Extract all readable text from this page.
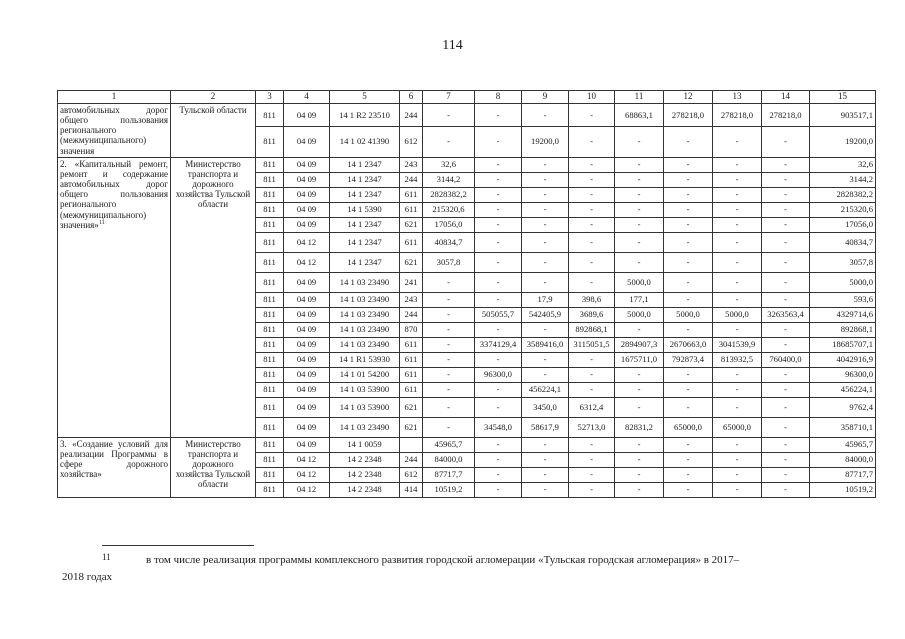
114
1	2	3	4	5	6	7	8	9	10	11	12	13	14	15
автомобильных дорог общего пользования регионального (межмуниципального) значения	Тульской области	811	04 09	14 1 R2 23510	244	-	-	-	-	68863,1	278218,0	278218,0	278218,0	903517,1
		811	04 09	14 1 02 41390	612	-	-	19200,0	-	-	-	-	-	19200,0
2. «Капитальный ремонт, ремонт и содержание автомобильных дорог общего пользования регионального (межмуниципального) значения»$^{11}$	Министерство транспорта и дорожного хозяйства Тульской области	811	04 09	14 1 2347	243	32,6	-	-	-	-	-	-	-	32,6
		811	04 09	14 1 2347	244	3144,2	-	-	-	-	-	-	-	3144,2
		811	04 09	14 1 2347	611	2828382,2	-	-	-	-	-	-	-	2828382,2
		811	04 09	14 1 5390	611	215320,6	-	-	-	-	-	-	-	215320,6
		811	04 09	14 1 2347	621	17056,0	-	-	-	-	-	-	-	17056,0
		811	04 12	14 1 2347	611	40834,7	-	-	-	-	-	-	-	40834,7
		811	04 12	14 1 2347	621	3057,8	-	-	-	-	-	-	-	3057,8
		811	04 09	14 1 03 23490	241	-	-	-	-	5000,0	-	-	-	5000,0
		811	04 09	14 1 03 23490	243	-	-	17,9	398,6	177,1	-	-	-	593,6
		811	04 09	14 1 03 23490	244	-	505055,7	542405,9	3689,6	5000,0	5000,0	5000,0	3263563,4	4329714,6
		811	04 09	14 1 03 23490	870	-	-	-	892868,1	-	-	-	-	892868,1
		811	04 09	14 1 03 23490	611	-	3374129,4	3589416,0	3115051,5	2894907,3	2670663,0	3041539,9	-	18685707,1
		811	04 09	14 1 R1 53930	611	-	-	-	-	1675711,0	792873,4	813932,5	760400,0	4042916,9
		811	04 09	14 1 01 54200	611	-	96300,0	-	-	-	-	-	-	96300,0
		811	04 09	14 1 03 53900	611	-	-	456224,1	-	-	-	-	-	456224,1
		811	04 09	14 1 03 53900	621	-	-	3450,0	6312,4	-	-	-	-	9762,4
		811	04 09	14 1 03 23490	621	-	34548,0	58617,9	52713,0	82831,2	65000,0	65000,0	-	358710,1
3. «Создание условий для реализации Программы в сфере дорожного хозяйства»	Министерство транспорта и дорожного хозяйства Тульской области	811	04 09	14 1 0059		45965,7	-	-	-	-	-	-	-	45965,7
		811	04 12	14 2 2348	244	84000,0	-	-	-	-	-	-	-	84000,0
		811	04 12	14 2 2348	612	87717,7	-	-	-	-	-	-	-	87717,7
		811	04 12	14 2 2348	414	10519,2	-	-	-	-	-	-	-	10519,2
$^{11}$	в том числе реализация программы комплексного развития городской агломерации «Тульская городская агломерация» в 2017–
2018 годах
